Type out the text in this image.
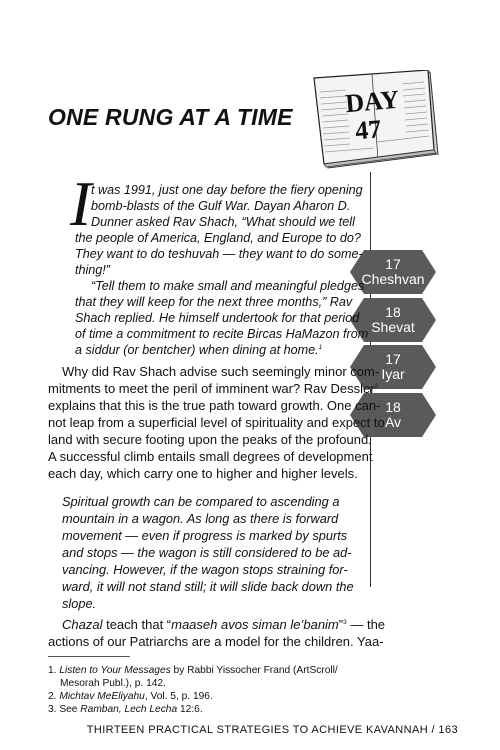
ONE RUNG AT A TIME DAY
47
17
Cheshvan
18
Shevat
17
Iyar
18
Av
I t was 1991, just one day before the fiery opening
bomb-blasts of the Gulf War. Dayan Aharon D.
Dunner asked Rav Shach, “What should we tell
the people of America, England, and Europe to do?
They want to do teshuvah — they want to do some-
thing!”
“Tell them to make small and meaningful pledges
that they will keep for the next three months,” Rav
Shach replied. He himself undertook for that period
of time a commitment to recite Bircas HaMazon from
a siddur (or bentcher) when dining at home.$^1$
Why did Rav Shach advise such seemingly minor com-
mitments to meet the peril of imminent war? Rav Dessler$^2$
explains that this is the true path toward growth. One can-
not leap from a superficial level of spirituality and expect to
land with secure footing upon the peaks of the profound.
A successful climb entails small degrees of development
each day, which carry one to higher and higher levels.
Spiritual growth can be compared to ascending a
mountain in a wagon. As long as there is forward
movement — even if progress is marked by spurts
and stops — the wagon is still considered to be ad-
vancing. However, if the wagon stops straining for-
ward, it will not stand still; it will slide back down the
slope.
Chazal teach that “maaseh avos siman le’banim”$^3$ — the
actions of our Patriarchs are a model for the children. Yaa-
1. Listen to Your Messages by Rabbi Yissocher Frand (ArtScroll/
Mesorah Publ.), p. 142.
2. Michtav MeEliyahu, Vol. 5, p. 196.
3. See Ramban, Lech Lecha 12:6.
THIRTEEN PRACTICAL STRATEGIES TO ACHIEVE KAVANNAH / 163
